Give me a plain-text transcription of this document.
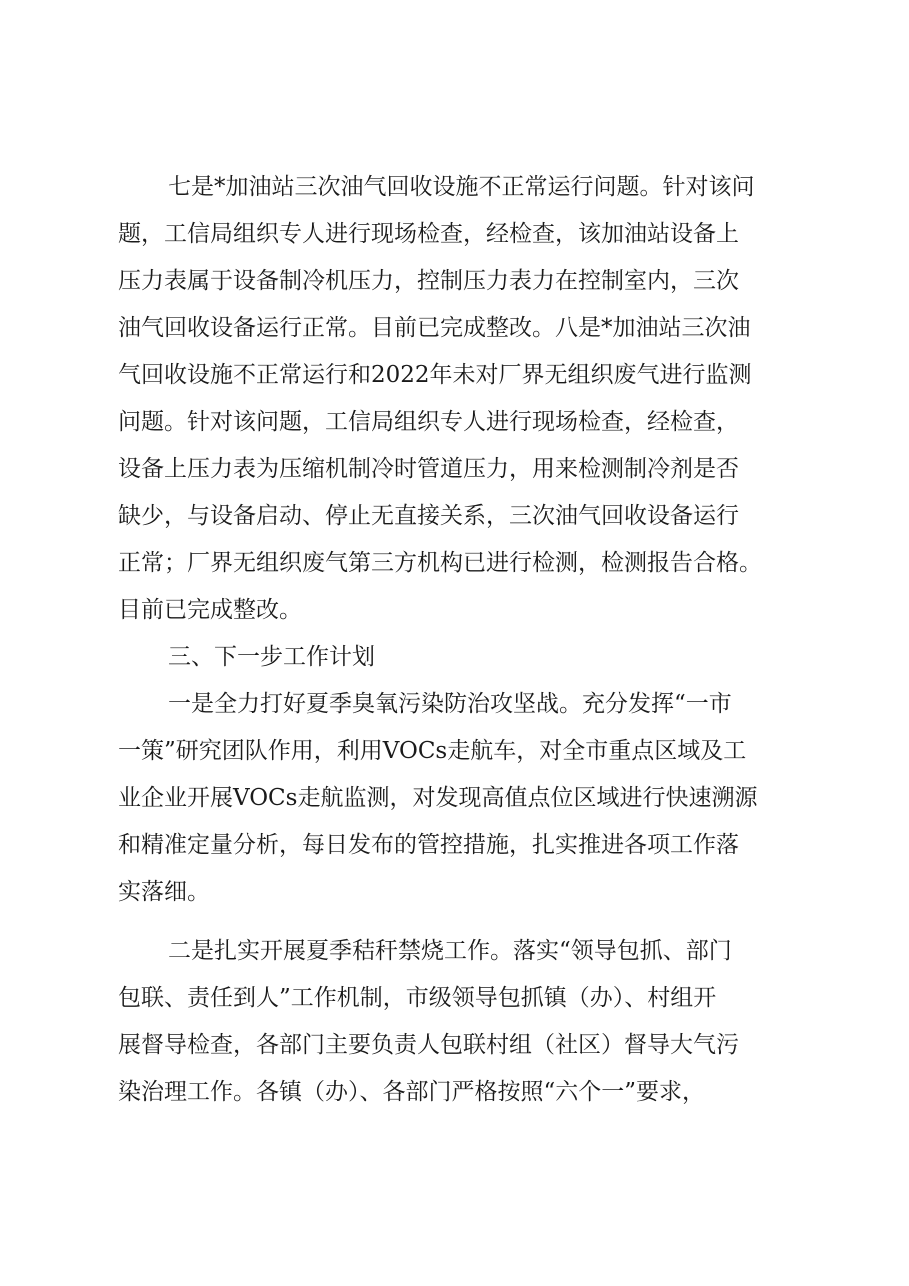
七是*加油站三次油气回收设施不正常运行问题。针对该问
题，工信局组织专人进行现场检查，经检查，该加油站设备上
压力表属于设备制冷机压力，控制压力表力在控制室内，三次
油气回收设备运行正常。目前已完成整改。八是*加油站三次油
气回收设施不正常运行和2022年未对厂界无组织废气进行监测
问题。针对该问题，工信局组织专人进行现场检查，经检查，
设备上压力表为压缩机制冷时管道压力，用来检测制冷剂是否
缺少，与设备启动、停止无直接关系，三次油气回收设备运行
正常；厂界无组织废气第三方机构已进行检测，检测报告合格。
目前已完成整改。
三、下一步工作计划
一是全力打好夏季臭氧污染防治攻坚战。充分发挥“一市
一策”研究团队作用，利用VOCs走航车，对全市重点区域及工
业企业开展VOCs走航监测，对发现高值点位区域进行快速溯源
和精准定量分析，每日发布的管控措施，扎实推进各项工作落
实落细。
二是扎实开展夏季秸秆禁烧工作。落实“领导包抓、部门
包联、责任到人”工作机制，市级领导包抓镇（办）、村组开
展督导检查，各部门主要负责人包联村组（社区）督导大气污
染治理工作。各镇（办）、各部门严格按照“六个一”要求，
